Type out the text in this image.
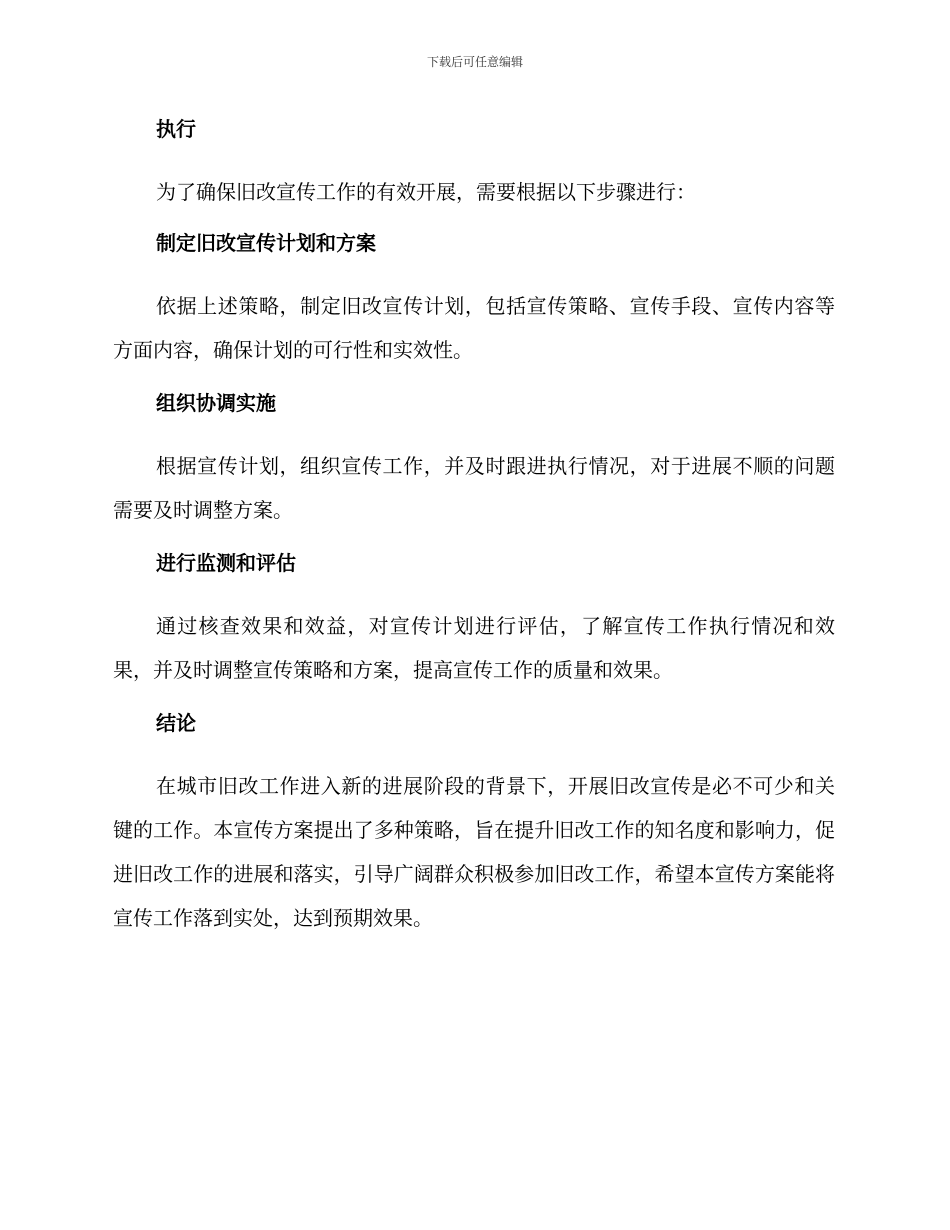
下载后可任意编辑
执行

为了确保旧改宣传工作的有效开展，需要根据以下步骤进行：

制定旧改宣传计划和方案

依据上述策略，制定旧改宣传计划，包括宣传策略、宣传手段、宣传内容等方面内容，确保计划的可行性和实效性。

组织协调实施

根据宣传计划，组织宣传工作，并及时跟进执行情况，对于进展不顺的问题需要及时调整方案。

进行监测和评估

通过核查效果和效益，对宣传计划进行评估，了解宣传工作执行情况和效果，并及时调整宣传策略和方案，提高宣传工作的质量和效果。

结论

在城市旧改工作进入新的进展阶段的背景下，开展旧改宣传是必不可少和关键的工作。本宣传方案提出了多种策略，旨在提升旧改工作的知名度和影响力，促进旧改工作的进展和落实，引导广阔群众积极参加旧改工作，希望本宣传方案能将宣传工作落到实处，达到预期效果。
